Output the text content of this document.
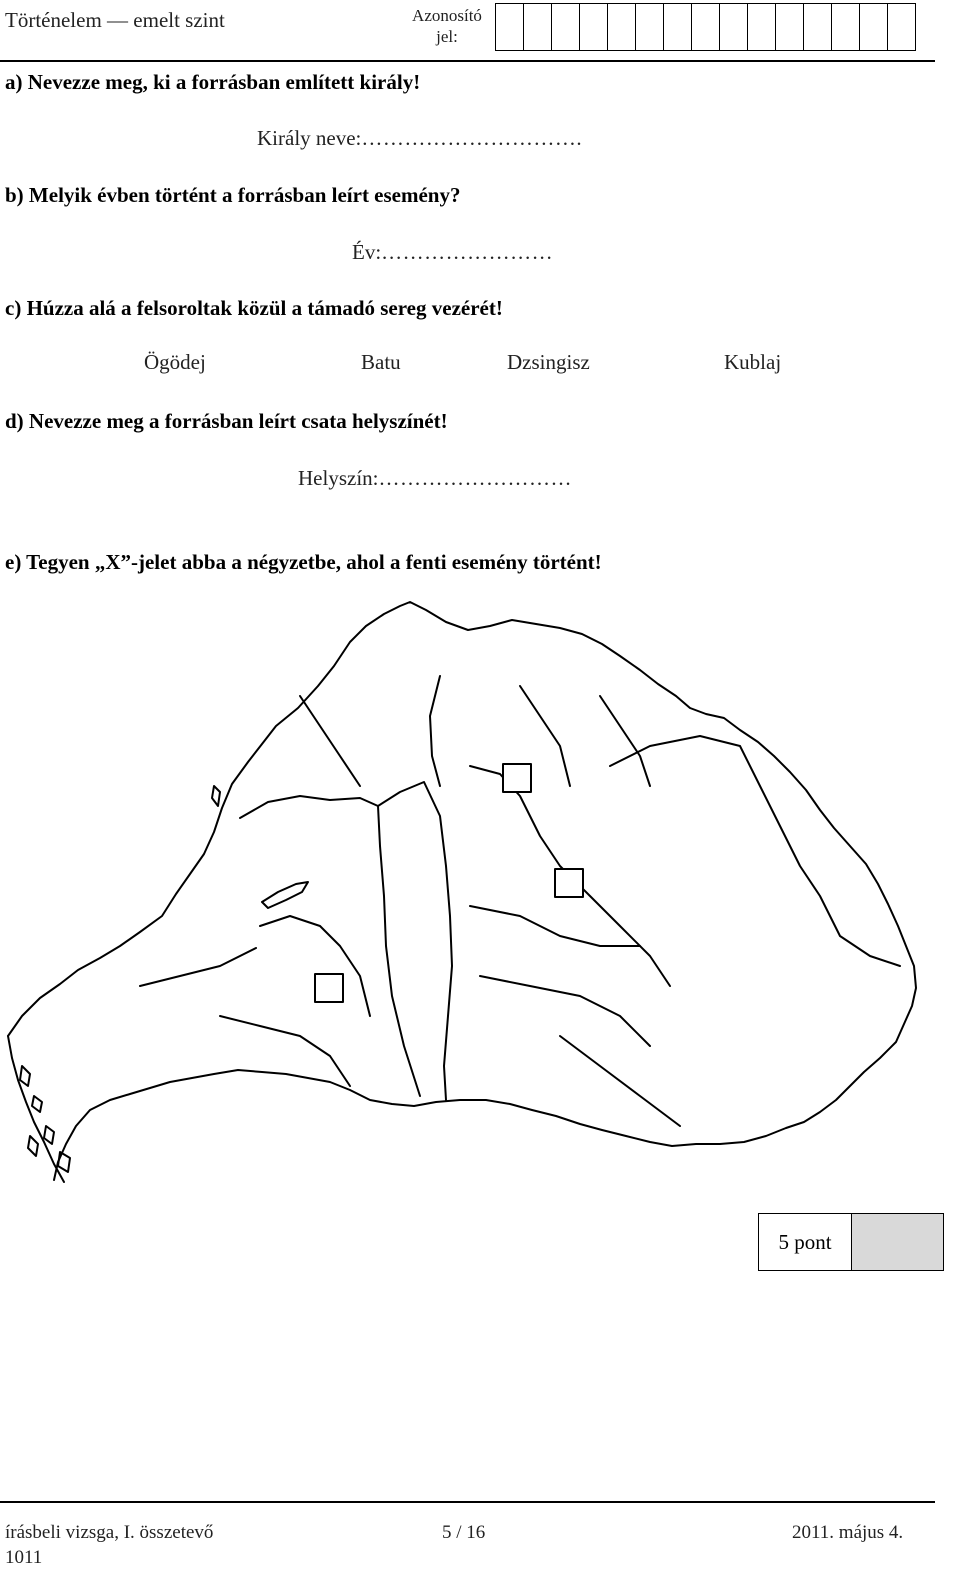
Történelem — emelt szint	Azonosító jel:
a) Nevezze meg, ki a forrásban említett király!
Király neve:………………………….
b) Melyik évben történt a forrásban leírt esemény?
Év:……………………
c) Húzza alá a felsoroltak közül a támadó sereg vezérét!
Ögödej	Batu	Dzsingisz	Kublaj
d) Nevezze meg a forrásban leírt csata helyszínét!
Helyszín:………………………
e) Tegyen „X”-jelet abba a négyzetbe, ahol a fenti esemény történt!
5 pont
írásbeli vizsga, I. összetevő
1011
5 / 16	2011. május 4.
